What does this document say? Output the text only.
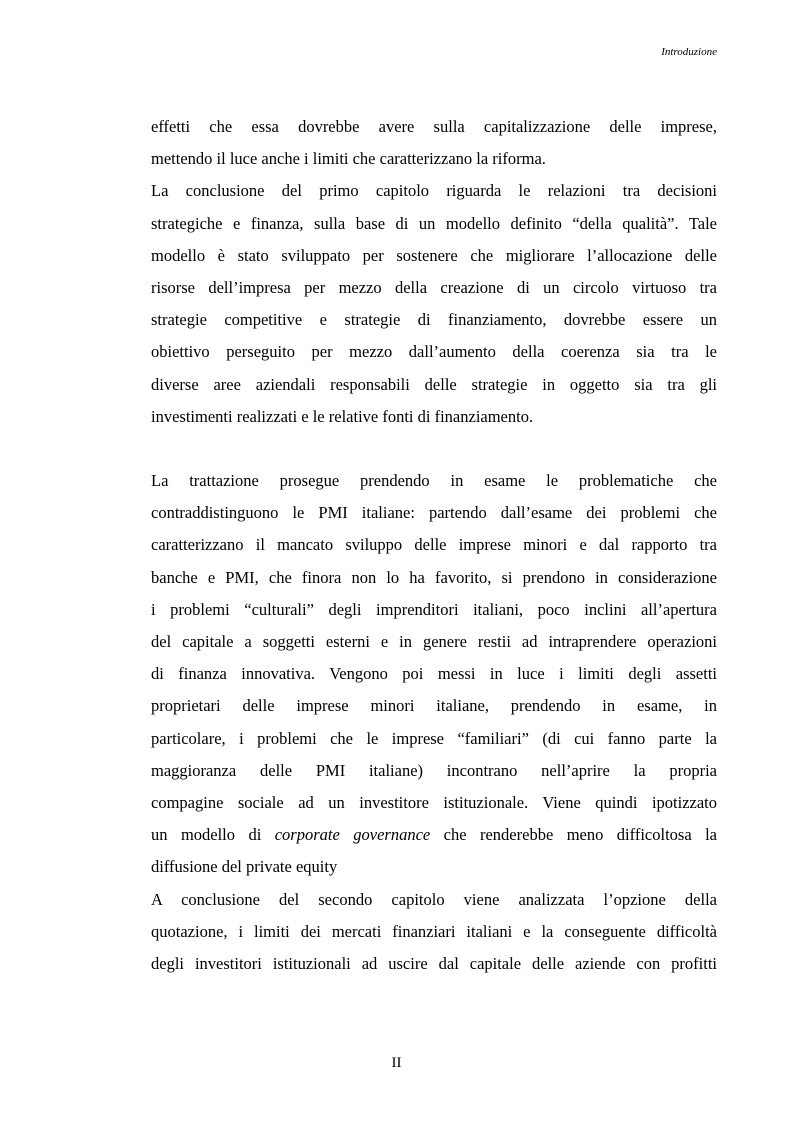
Introduzione
effetti che essa dovrebbe avere sulla capitalizzazione delle imprese,
mettendo il luce anche i limiti che caratterizzano la riforma.
La conclusione del primo capitolo riguarda le relazioni tra decisioni
strategiche e finanza, sulla base di un modello definito “della qualità”. Tale
modello è stato sviluppato per sostenere che migliorare l’allocazione delle
risorse dell’impresa per mezzo della creazione di un circolo virtuoso tra
strategie competitive e strategie di finanziamento, dovrebbe essere un
obiettivo perseguito per mezzo dall’aumento della coerenza sia tra le
diverse aree aziendali responsabili delle strategie in oggetto sia tra gli
investimenti realizzati e le relative fonti di finanziamento.
La trattazione prosegue prendendo in esame le problematiche che
contraddistinguono le PMI italiane: partendo dall’esame dei problemi che
caratterizzano il mancato sviluppo delle imprese minori e dal rapporto tra
banche e PMI, che finora non lo ha favorito, si prendono in considerazione
i problemi “culturali” degli imprenditori italiani, poco inclini all’apertura
del capitale a soggetti esterni e in genere restii ad intraprendere operazioni
di finanza innovativa. Vengono poi messi in luce i limiti degli assetti
proprietari delle imprese minori italiane, prendendo in esame, in
particolare, i problemi che le imprese “familiari” (di cui fanno parte la
maggioranza delle PMI italiane) incontrano nell’aprire la propria
compagine sociale ad un investitore istituzionale. Viene quindi ipotizzato
un modello di corporate governance che renderebbe meno difficoltosa la
diffusione del private equity
A conclusione del secondo capitolo viene analizzata l’opzione della
quotazione, i limiti dei mercati finanziari italiani e la conseguente difficoltà
degli investitori istituzionali ad uscire dal capitale delle aziende con profitti
II
